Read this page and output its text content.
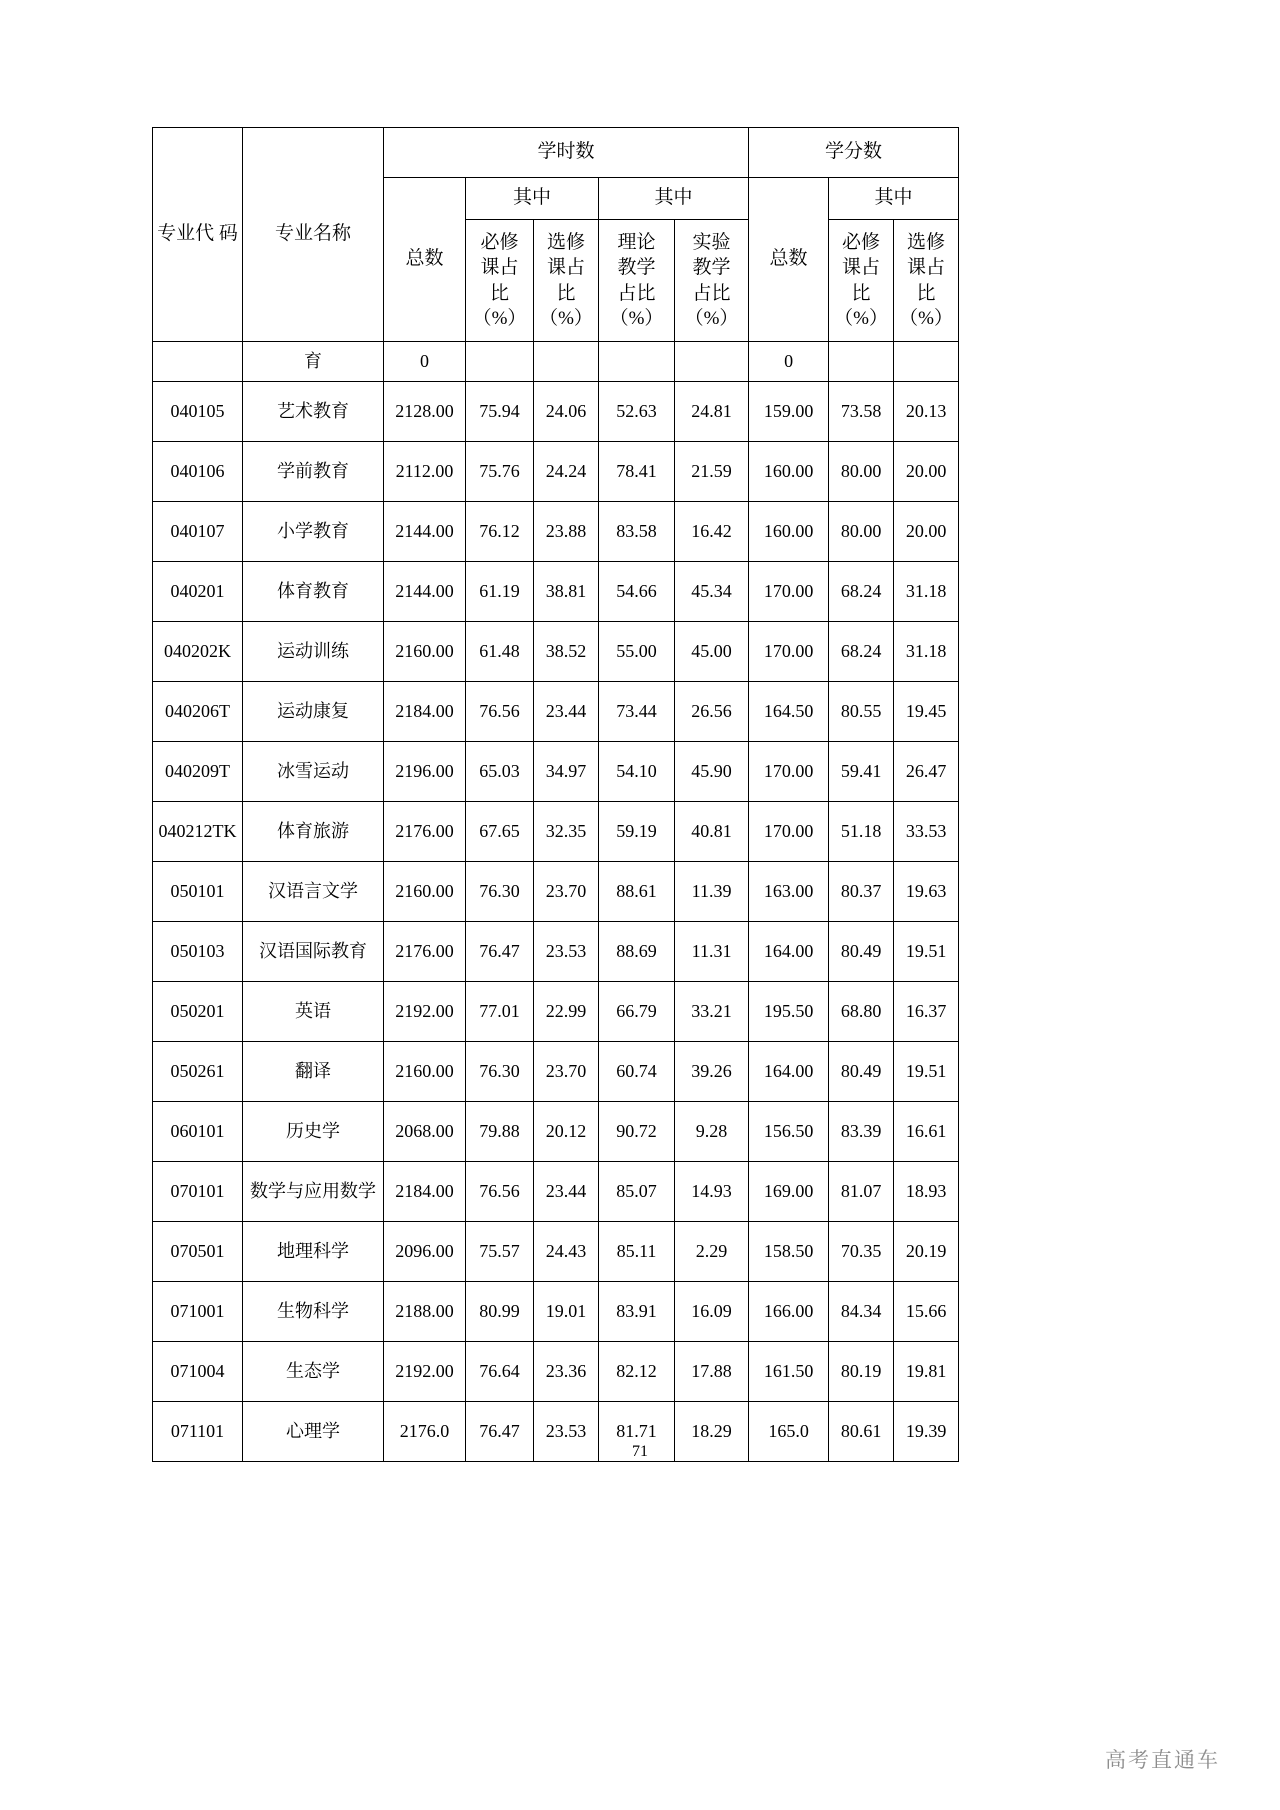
专业代 码	专业名称	学时数					学分数		
		总数	其中		其中		总数	其中	

			必修
课占
比
（%）	选修
课占
比
（%）	理论
教学
占比
（%）	实验
教学
占比
（%）		必修
课占
比
（%）	选修
课占
比
（%）

	育	0					0		
040105	艺术教育	2128.00	75.94	24.06	52.63	24.81	159.00	73.58	20.13
040106	学前教育	2112.00	75.76	24.24	78.41	21.59	160.00	80.00	20.00
040107	小学教育	2144.00	76.12	23.88	83.58	16.42	160.00	80.00	20.00
040201	体育教育	2144.00	61.19	38.81	54.66	45.34	170.00	68.24	31.18
040202K	运动训练	2160.00	61.48	38.52	55.00	45.00	170.00	68.24	31.18
040206T	运动康复	2184.00	76.56	23.44	73.44	26.56	164.50	80.55	19.45
040209T	冰雪运动	2196.00	65.03	34.97	54.10	45.90	170.00	59.41	26.47
040212TK	体育旅游	2176.00	67.65	32.35	59.19	40.81	170.00	51.18	33.53
050101	汉语言文学	2160.00	76.30	23.70	88.61	11.39	163.00	80.37	19.63
050103	汉语国际教育	2176.00	76.47	23.53	88.69	11.31	164.00	80.49	19.51
050201	英语	2192.00	77.01	22.99	66.79	33.21	195.50	68.80	16.37
050261	翻译	2160.00	76.30	23.70	60.74	39.26	164.00	80.49	19.51
060101	历史学	2068.00	79.88	20.12	90.72	9.28	156.50	83.39	16.61
070101	数学与应用数学	2184.00	76.56	23.44	85.07	14.93	169.00	81.07	18.93
070501	地理科学	2096.00	75.57	24.43	85.11	2.29	158.50	70.35	20.19
071001	生物科学	2188.00	80.99	19.01	83.91	16.09	166.00	84.34	15.66
071004	生态学	2192.00	76.64	23.36	82.12	17.88	161.50	80.19	19.81
071101	心理学	2176.0	76.47	23.53	81.71	18.29	165.0	80.61	19.39
71
高考直通车
